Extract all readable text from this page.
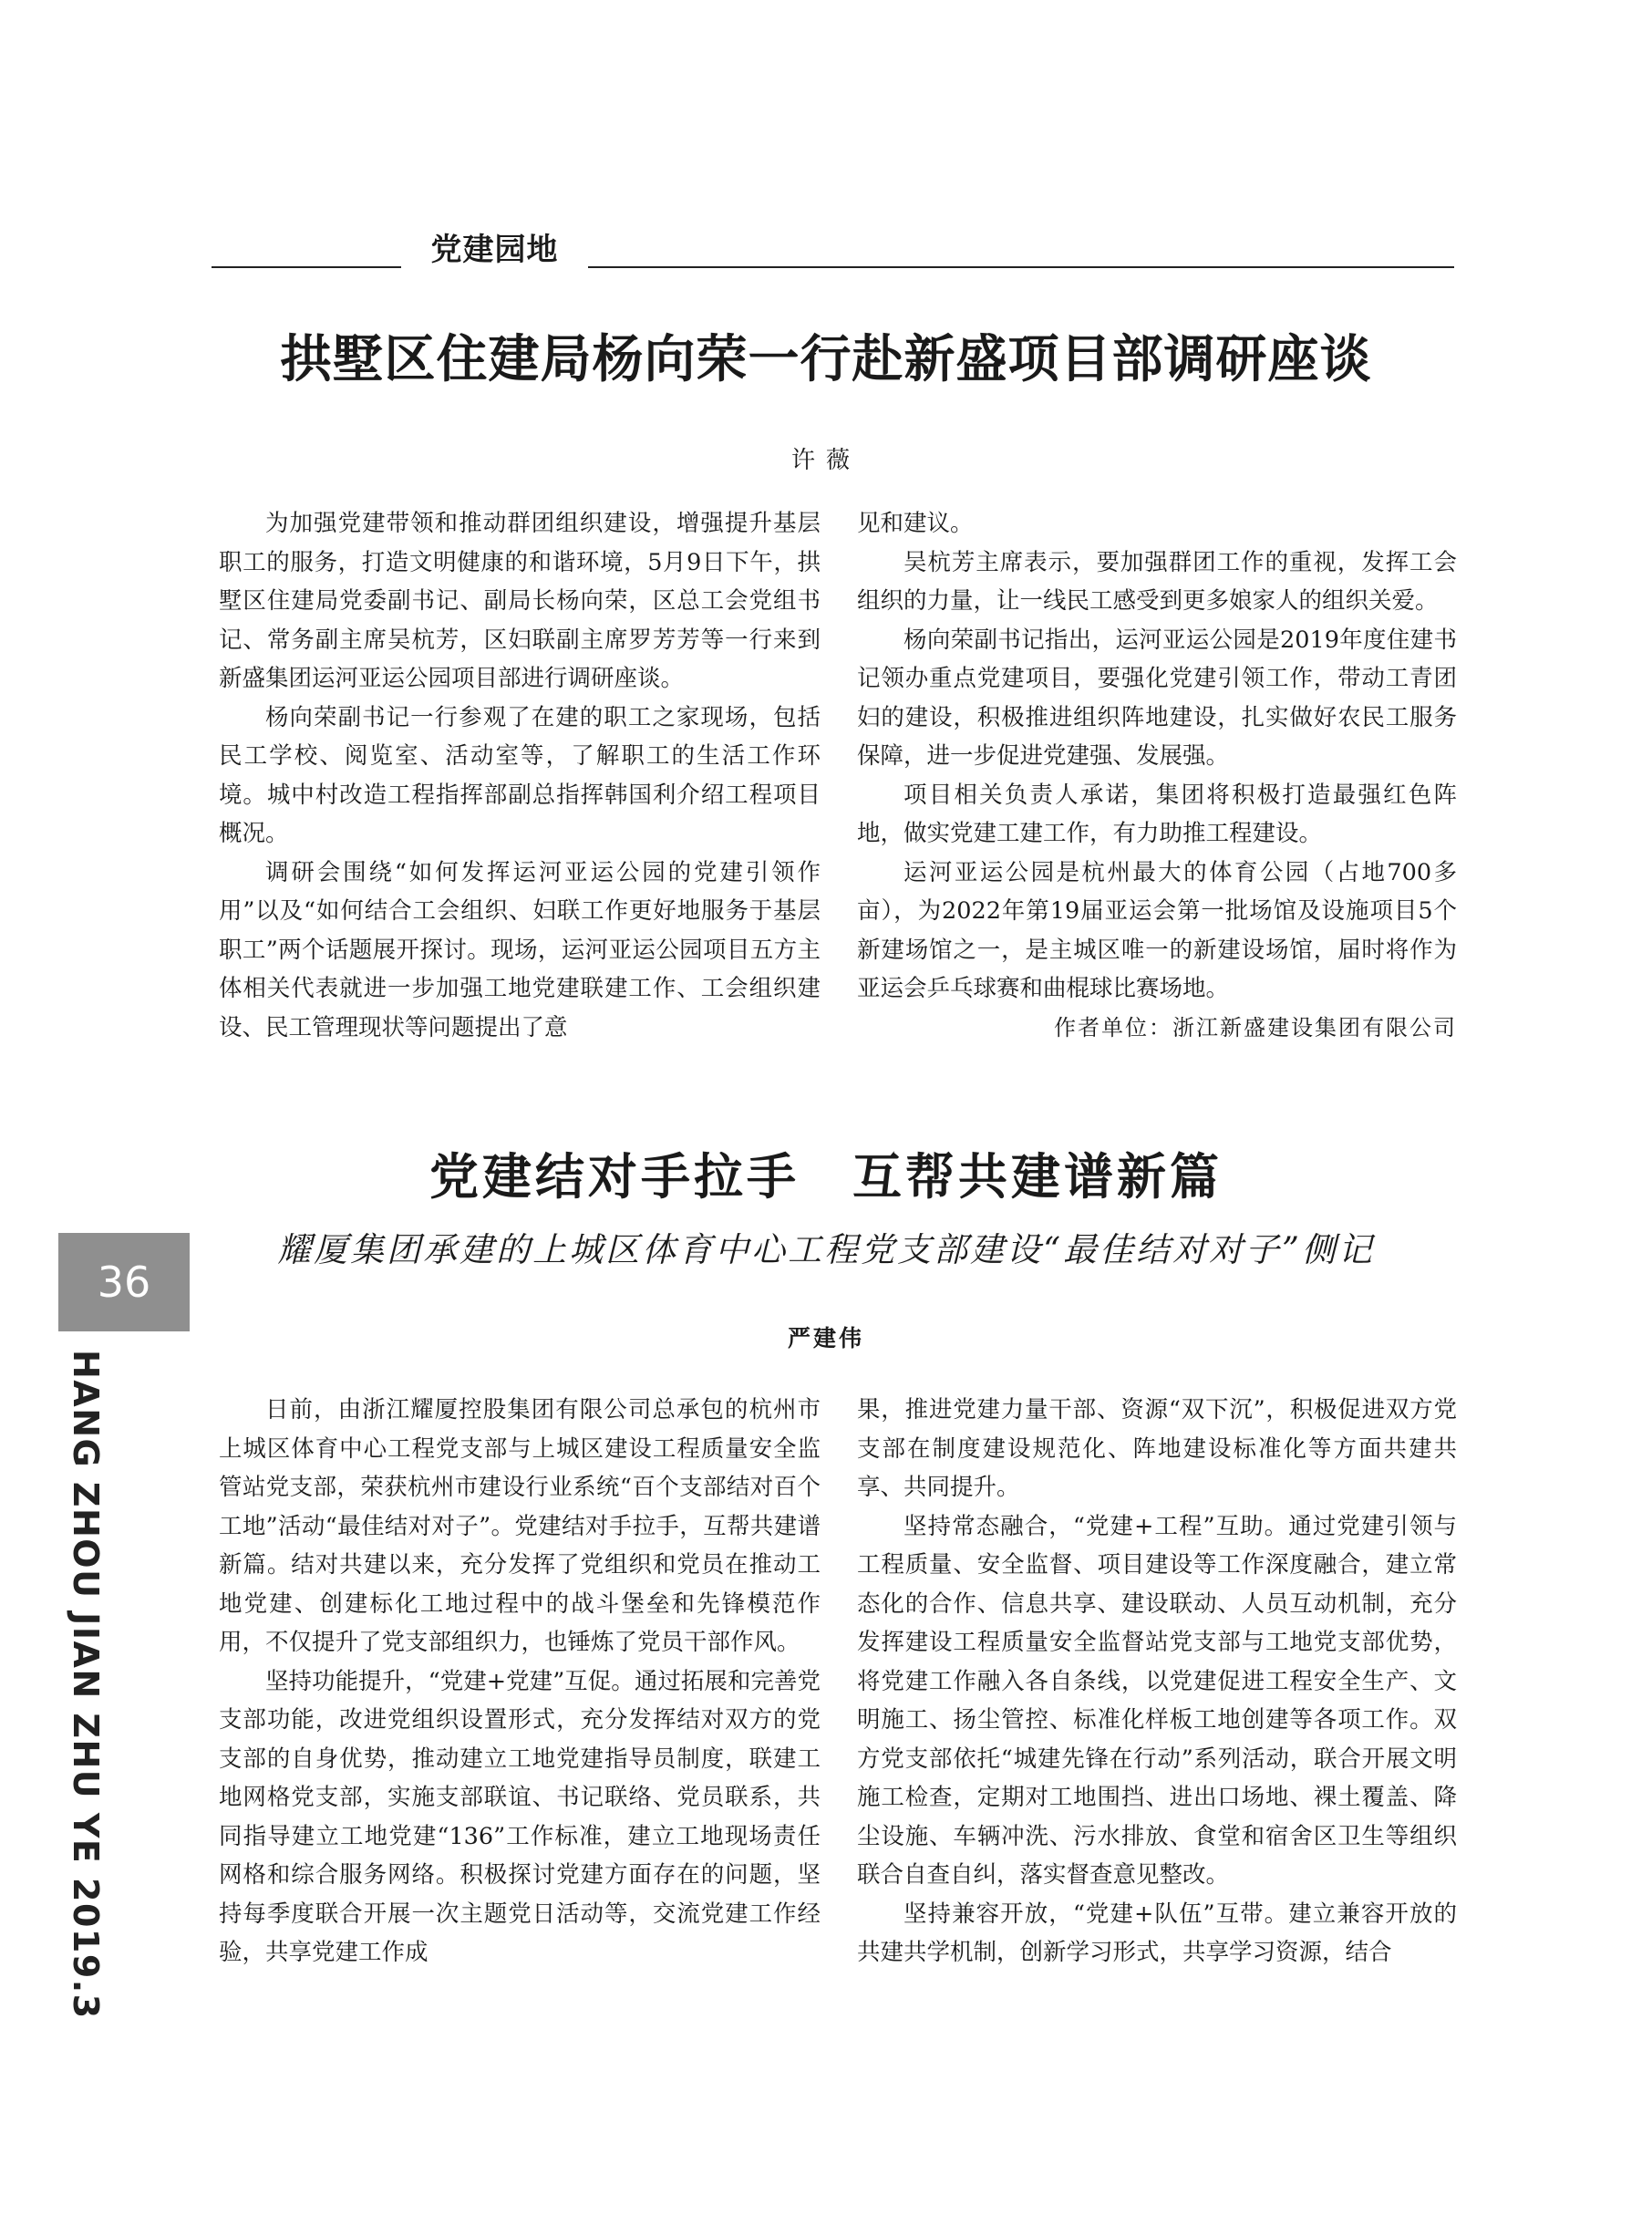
党建园地
拱墅区住建局杨向荣一行赴新盛项目部调研座谈
许薇

为加强党建带领和推动群团组织建设，增强提升基层职工的服务，打造文明健康的和谐环境，5月9日下午，拱墅区住建局党委副书记、副局长杨向荣，区总工会党组书记、常务副主席吴杭芳，区妇联副主席罗芳芳等一行来到新盛集团运河亚运公园项目部进行调研座谈。

杨向荣副书记一行参观了在建的职工之家现场，包括民工学校、阅览室、活动室等，了解职工的生活工作环境。城中村改造工程指挥部副总指挥韩国利介绍工程项目概况。

调研会围绕“如何发挥运河亚运公园的党建引领作用”以及“如何结合工会组织、妇联工作更好地服务于基层职工”两个话题展开探讨。现场，运河亚运公园项目五方主体相关代表就进一步加强工地党建联建工作、工会组织建设、民工管理现状等问题提出了意

见和建议。

吴杭芳主席表示，要加强群团工作的重视，发挥工会组织的力量，让一线民工感受到更多娘家人的组织关爱。

杨向荣副书记指出，运河亚运公园是2019年度住建书记领办重点党建项目，要强化党建引领工作，带动工青团妇的建设，积极推进组织阵地建设，扎实做好农民工服务保障，进一步促进党建强、发展强。

项目相关负责人承诺，集团将积极打造最强红色阵地，做实党建工建工作，有力助推工程建设。

运河亚运公园是杭州最大的体育公园（占地700多亩），为2022年第19届亚运会第一批场馆及设施项目5个新建场馆之一，是主城区唯一的新建设场馆，届时将作为亚运会乒乓球赛和曲棍球比赛场地。

作者单位：浙江新盛建设集团有限公司
党建结对手拉手　互帮共建谱新篇
耀厦集团承建的上城区体育中心工程党支部建设“最佳结对对子”侧记
严建伟

日前，由浙江耀厦控股集团有限公司总承包的杭州市上城区体育中心工程党支部与上城区建设工程质量安全监管站党支部，荣获杭州市建设行业系统“百个支部结对百个工地”活动“最佳结对对子”。党建结对手拉手，互帮共建谱新篇。结对共建以来，充分发挥了党组织和党员在推动工地党建、创建标化工地过程中的战斗堡垒和先锋模范作用，不仅提升了党支部组织力，也锤炼了党员干部作风。

坚持功能提升，“党建+党建”互促。通过拓展和完善党支部功能，改进党组织设置形式，充分发挥结对双方的党支部的自身优势，推动建立工地党建指导员制度，联建工地网格党支部，实施支部联谊、书记联络、党员联系，共同指导建立工地党建“136”工作标准，建立工地现场责任网格和综合服务网络。积极探讨党建方面存在的问题，坚持每季度联合开展一次主题党日活动等，交流党建工作经验，共享党建工作成

果，推进党建力量干部、资源“双下沉”，积极促进双方党支部在制度建设规范化、阵地建设标准化等方面共建共享、共同提升。

坚持常态融合，“党建+工程”互助。通过党建引领与工程质量、安全监督、项目建设等工作深度融合，建立常态化的合作、信息共享、建设联动、人员互动机制，充分发挥建设工程质量安全监督站党支部与工地党支部优势，将党建工作融入各自条线，以党建促进工程安全生产、文明施工、扬尘管控、标准化样板工地创建等各项工作。双方党支部依托“城建先锋在行动”系列活动，联合开展文明施工检查，定期对工地围挡、进出口场地、裸土覆盖、降尘设施、车辆冲洗、污水排放、食堂和宿舍区卫生等组织联合自查自纠，落实督查意见整改。

坚持兼容开放，“党建+队伍”互带。建立兼容开放的共建共学机制，创新学习形式，共享学习资源，结合

36
HANG ZHOU JIAN ZHU YE 2019.3
